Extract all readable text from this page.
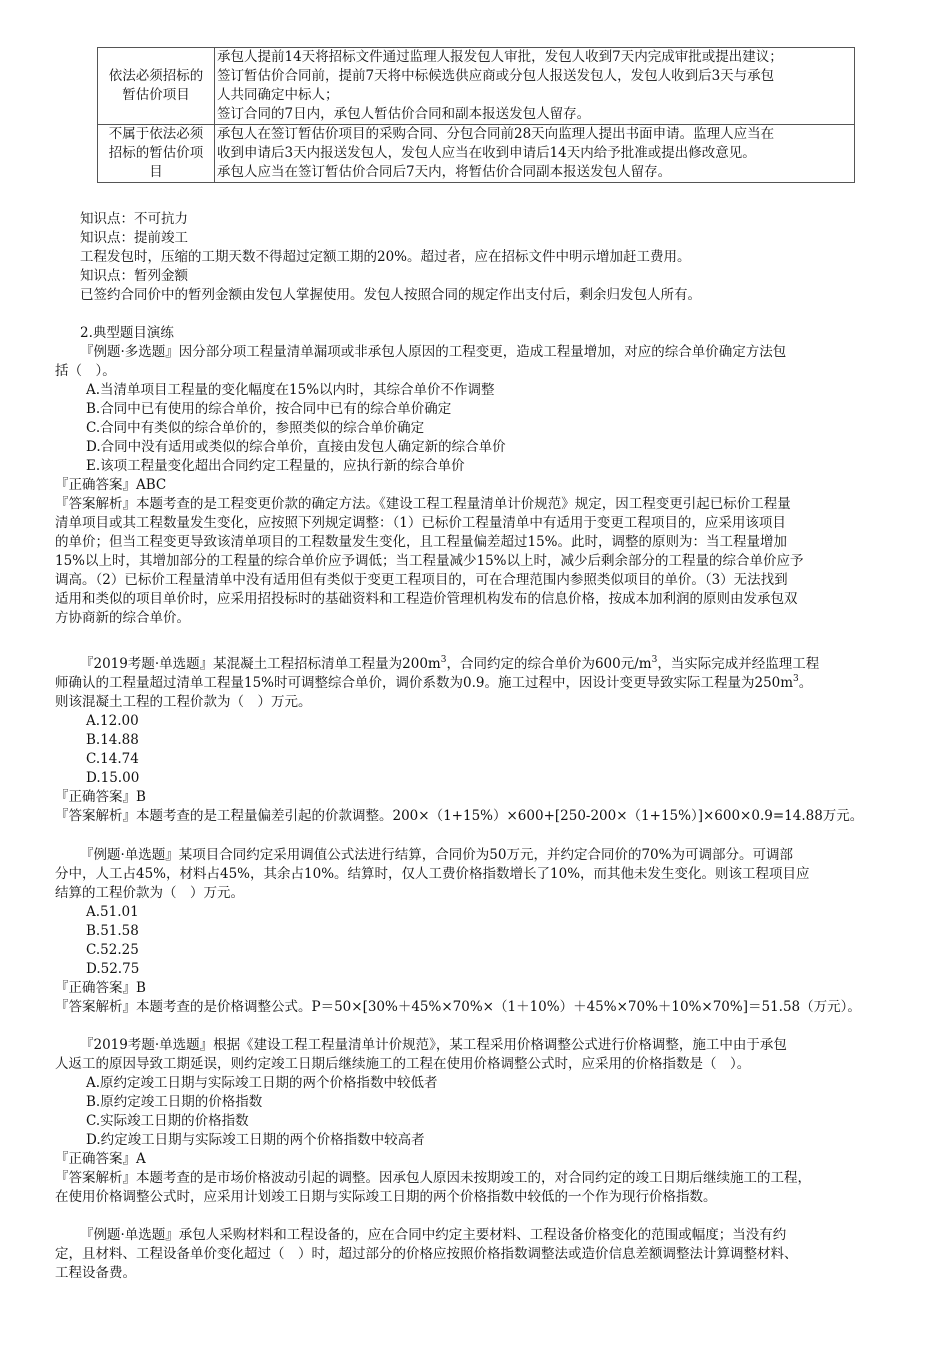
依法必须招标的
暂估价项目	承包人提前14天将招标文件通过监理人报发包人审批，发包人收到7天内完成审批或提出建议；
签订暂估价合同前，提前7天将中标候选供应商或分包人报送发包人，发包人收到后3天与承包
人共同确定中标人；
签订合同的7日内，承包人暂估价合同和副本报送发包人留存。

不属于依法必须
招标的暂估价项
目	承包人在签订暂估价项目的采购合同、分包合同前28天向监理人提出书面申请。监理人应当在
收到申请后3天内报送发包人，发包人应当在收到申请后14天内给予批准或提出修改意见。
承包人应当在签订暂估价合同后7天内，将暂估价合同副本报送发包人留存。
知识点：不可抗力
知识点：提前竣工
工程发包时，压缩的工期天数不得超过定额工期的20%。超过者，应在招标文件中明示增加赶工费用。
知识点：暂列金额
已签约合同价中的暂列金额由发包人掌握使用。发包人按照合同的规定作出支付后，剩余归发包人所有。
2.典型题目演练
『例题·多选题』因分部分项工程量清单漏项或非承包人原因的工程变更，造成工程量增加，对应的综合单价确定方法包
括（　）。
A.当清单项目工程量的变化幅度在15%以内时，其综合单价不作调整
B.合同中已有使用的综合单价，按合同中已有的综合单价确定
C.合同中有类似的综合单价的，参照类似的综合单价确定
D.合同中没有适用或类似的综合单价，直接由发包人确定新的综合单价
E.该项工程量变化超出合同约定工程量的，应执行新的综合单价
『正确答案』ABC
『答案解析』本题考查的是工程变更价款的确定方法。《建设工程工程量清单计价规范》规定，因工程变更引起已标价工程量
清单项目或其工程数量发生变化，应按照下列规定调整：（1）已标价工程量清单中有适用于变更工程项目的，应采用该项目
的单价；但当工程变更导致该清单项目的工程数量发生变化，且工程量偏差超过15%。此时，调整的原则为：当工程量增加
15%以上时，其增加部分的工程量的综合单价应予调低；当工程量减少15%以上时，减少后剩余部分的工程量的综合单价应予
调高。（2）已标价工程量清单中没有适用但有类似于变更工程项目的，可在合理范围内参照类似项目的单价。（3）无法找到
适用和类似的项目单价时，应采用招投标时的基础资料和工程造价管理机构发布的信息价格，按成本加利润的原则由发承包双
方协商新的综合单价。
『2019考题·单选题』某混凝土工程招标清单工程量为$200m^3$，合同约定的综合单价为600元$/m^3$，当实际完成并经监理工程
师确认的工程量超过清单工程量15%时可调整综合单价，调价系数为0.9。施工过程中，因设计变更导致实际工程量为$250m^3$。
则该混凝土工程的工程价款为（　）万元。
A.12.00
B.14.88
C.14.74
D.15.00
『正确答案』B
『答案解析』本题考查的是工程量偏差引起的价款调整。200×（1+15%）×600+[250-200×（1+15%）]×600×0.9=14.88万元。
『例题·单选题』某项目合同约定采用调值公式法进行结算，合同价为50万元，并约定合同价的70%为可调部分。可调部
分中，人工占45%，材料占45%，其余占10%。结算时，仅人工费价格指数增长了10%，而其他未发生变化。则该工程项目应
结算的工程价款为（　）万元。
A.51.01
B.51.58
C.52.25
D.52.75
『正确答案』B
『答案解析』本题考查的是价格调整公式。P＝50×[30%＋45%×70%×（1＋10%）＋45%×70%＋10%×70%]＝51.58（万元）。
『2019考题·单选题』根据《建设工程工程量清单计价规范》，某工程采用价格调整公式进行价格调整，施工中由于承包
人返工的原因导致工期延误，则约定竣工日期后继续施工的工程在使用价格调整公式时，应采用的价格指数是（　）。
A.原约定竣工日期与实际竣工日期的两个价格指数中较低者
B.原约定竣工日期的价格指数
C.实际竣工日期的价格指数
D.约定竣工日期与实际竣工日期的两个价格指数中较高者
『正确答案』A
『答案解析』本题考查的是市场价格波动引起的调整。因承包人原因未按期竣工的，对合同约定的竣工日期后继续施工的工程，
在使用价格调整公式时，应采用计划竣工日期与实际竣工日期的两个价格指数中较低的一个作为现行价格指数。
『例题·单选题』承包人采购材料和工程设备的，应在合同中约定主要材料、工程设备价格变化的范围或幅度；当没有约
定，且材料、工程设备单价变化超过（　）时，超过部分的价格应按照价格指数调整法或造价信息差额调整法计算调整材料、
工程设备费。
